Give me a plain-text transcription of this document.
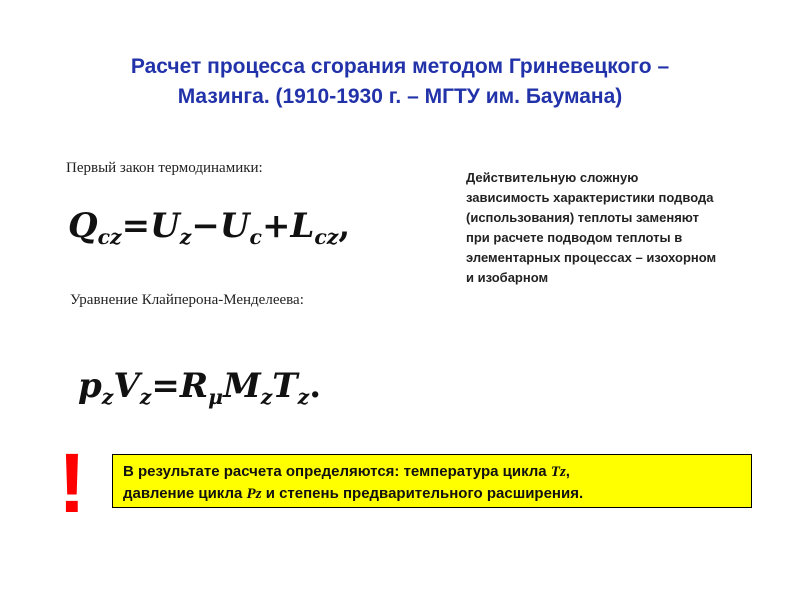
Расчет процесса сгорания методом Гриневецкого –
Мазинга. (1910-1930 г. – МГТУ им. Баумана)
Первый закон термодинамики:
$Q_{cz}=U_z-U_c+L_{cz}$,
Уравнение Клайперона-Менделеева:
$p_zV_z=R_\mu M_zT_z$.
Действительную сложную
зависимость характеристики подвода
(использования) теплоты заменяют
при расчете подводом теплоты в
элементарных процессах – изохорном
и изобарном
! В результате расчета определяются: температура цикла Tz,
давление цикла Pz и степень предварительного расширения.
